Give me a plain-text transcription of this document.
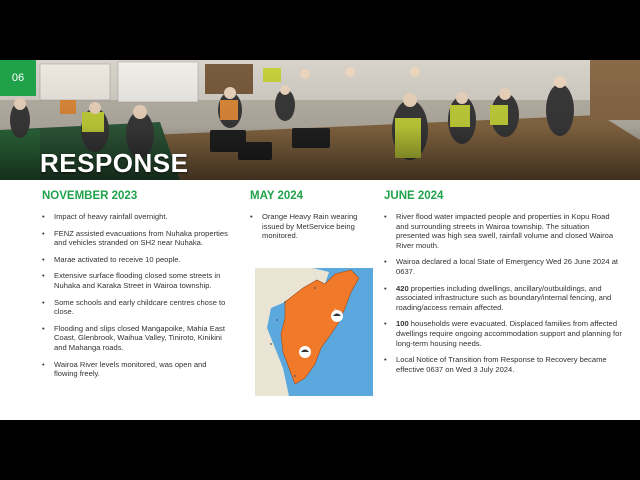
06
RESPONSE
NOVEMBER 2023
• Impact of heavy rainfall overnight.
• FENZ assisted evacuations from Nuhaka properties and vehicles stranded on SH2 near Nuhaka.
• Marae activated to receive 10 people.
• Extensive surface flooding closed some streets in Nuhaka and Karaka Street in Wairoa township.
• Some schools and early childcare centres chose to close.
• Flooding and slips closed Mangapoike, Mahia East Coast, Glenbrook, Waihua Valley, Tiniroto, Kinikini and Mahanga roads.
• Wairoa River levels monitored, was open and flowing freely.
MAY 2024
• Orange Heavy Rain wearing issued by MetService being monitored.
JUNE 2024
• River flood water impacted people and properties in Kopu Road and surrounding streets in Wairoa township. The situation presented was high sea swell, rainfall volume and closed Wairoa River mouth.
• Wairoa declared a local State of Emergency Wed 26 June 2024 at 0637.
• 420 properties including dwellings, ancillary/outbuildings, and associated infrastructure such as boundary/internal fencing, and roading/access remain affected.
• 100 households were evacuated. Displaced families from affected dwellings require ongoing accommodation support and planning for long-term housing needs.
• Local Notice of Transition from Response to Recovery became effective 0637 on Wed 3 July 2024.
